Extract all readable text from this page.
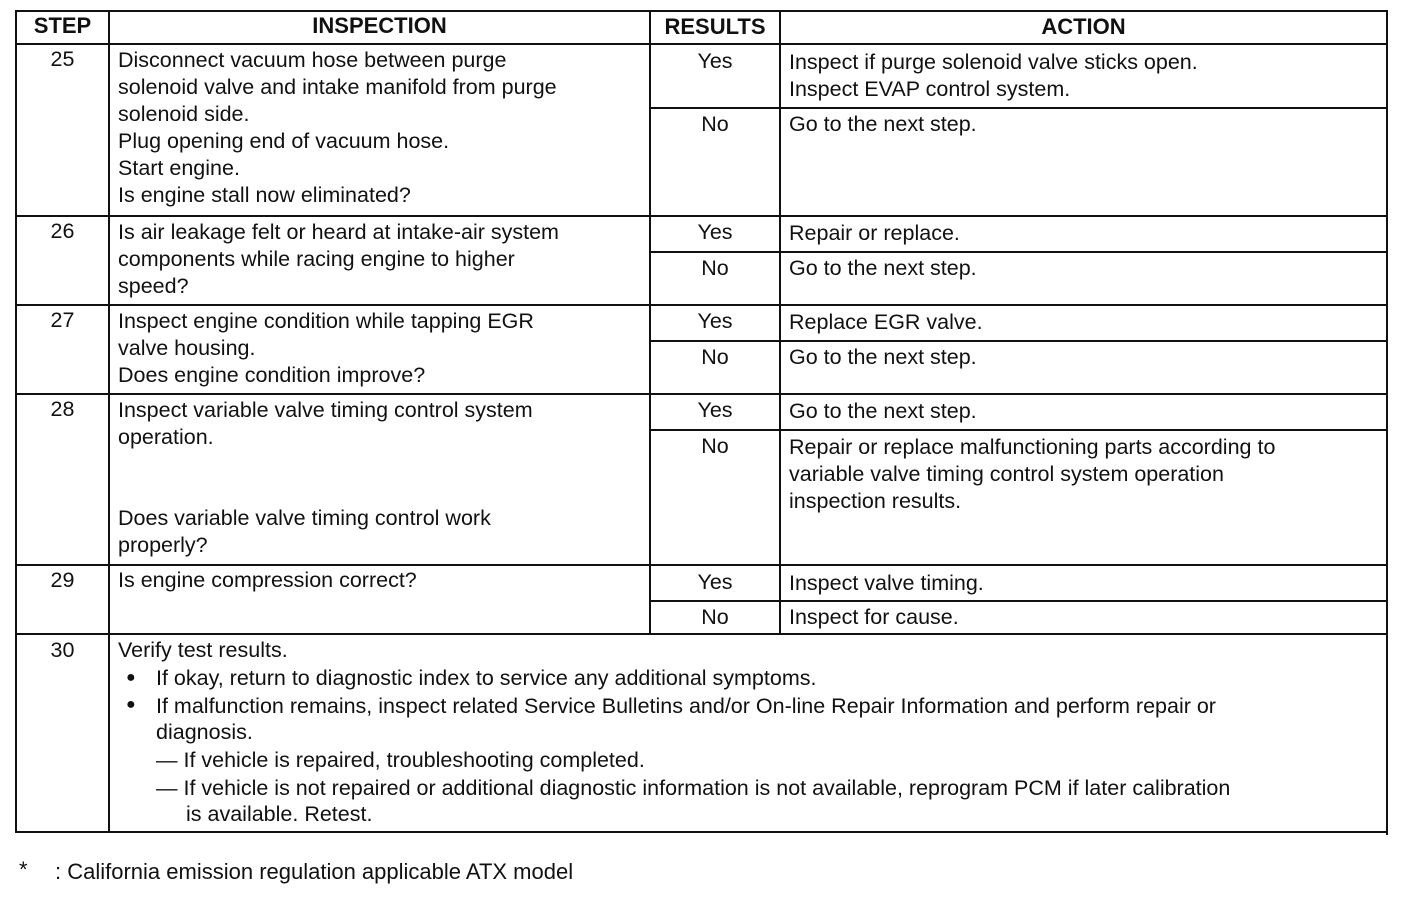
STEP	INSPECTION	RESULTS	ACTION
25	Disconnect vacuum hose between purge
solenoid valve and intake manifold from purge
solenoid side.
Plug opening end of vacuum hose.
Start engine.
Is engine stall now eliminated?
Yes	Inspect if purge solenoid valve sticks open.
Inspect EVAP control system.
No	Go to the next step.
26	Is air leakage felt or heard at intake-air system
components while racing engine to higher
speed?
Yes	Repair or replace.
No	Go to the next step.
27	Inspect engine condition while tapping EGR
valve housing.
Does engine condition improve?
Yes	Replace EGR valve.
No	Go to the next step.
28	Inspect variable valve timing control system
operation.
Does variable valve timing control work
properly?
Yes	Go to the next step.
No	Repair or replace malfunctioning parts according to
variable valve timing control system operation
inspection results.
29	Is engine compression correct?	Yes	Inspect valve timing.
No	Inspect for cause.
30	Verify test results.
● If okay, return to diagnostic index to service any additional symptoms.
● If malfunction remains, inspect related Service Bulletins and/or On-line Repair Information and perform repair or
diagnosis.
— If vehicle is repaired, troubleshooting completed.
— If vehicle is not repaired or additional diagnostic information is not available, reprogram PCM if later calibration
is available. Retest.
* : California emission regulation applicable ATX model
